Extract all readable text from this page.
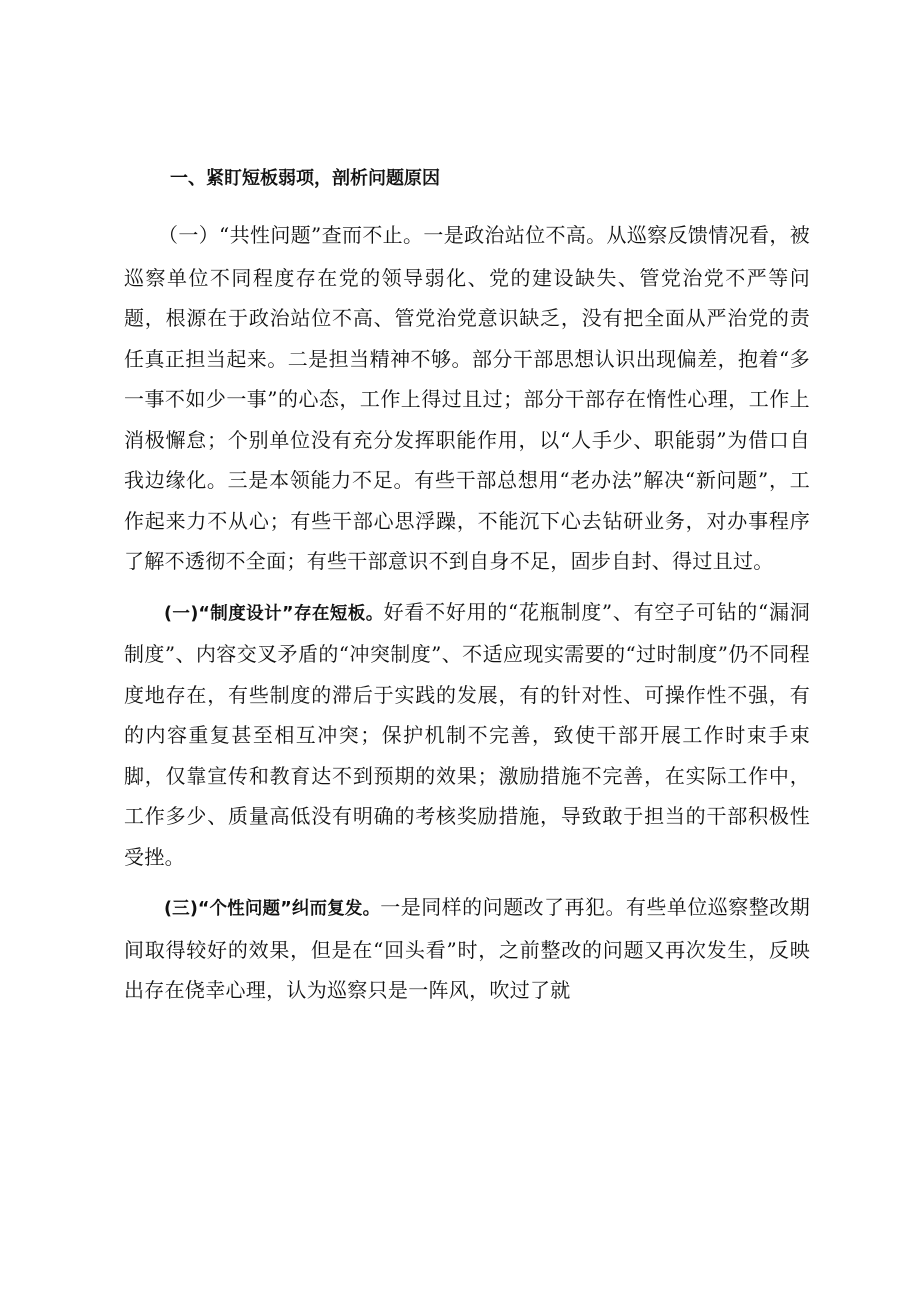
一、紧盯短板弱项，剖析问题原因

（一）“共性问题”查而不止。一是政治站位不高。从巡察反馈情况看，被巡察单位不同程度存在党的领导弱化、党的建设缺失、管党治党不严等问题，根源在于政治站位不高、管党治党意识缺乏，没有把全面从严治党的责任真正担当起来。二是担当精神不够。部分干部思想认识出现偏差，抱着“多一事不如少一事”的心态，工作上得过且过；部分干部存在惰性心理，工作上消极懈怠；个别单位没有充分发挥职能作用，以“人手少、职能弱”为借口自我边缘化。三是本领能力不足。有些干部总想用“老办法”解决“新问题”，工作起来力不从心；有些干部心思浮躁，不能沉下心去钻研业务，对办事程序了解不透彻不全面；有些干部意识不到自身不足，固步自封、得过且过。

(一)“制度设计”存在短板。好看不好用的“花瓶制度”、有空子可钻的“漏洞制度”、内容交叉矛盾的“冲突制度”、不适应现实需要的“过时制度”仍不同程度地存在，有些制度的滞后于实践的发展，有的针对性、可操作性不强，有的内容重复甚至相互冲突；保护机制不完善，致使干部开展工作时束手束脚，仅靠宣传和教育达不到预期的效果；激励措施不完善，在实际工作中，工作多少、质量高低没有明确的考核奖励措施，导致敢于担当的干部积极性受挫。

(三)“个性问题”纠而复发。一是同样的问题改了再犯。有些单位巡察整改期间取得较好的效果，但是在“回头看”时，之前整改的问题又再次发生，反映出存在侥幸心理，认为巡察只是一阵风，吹过了就
